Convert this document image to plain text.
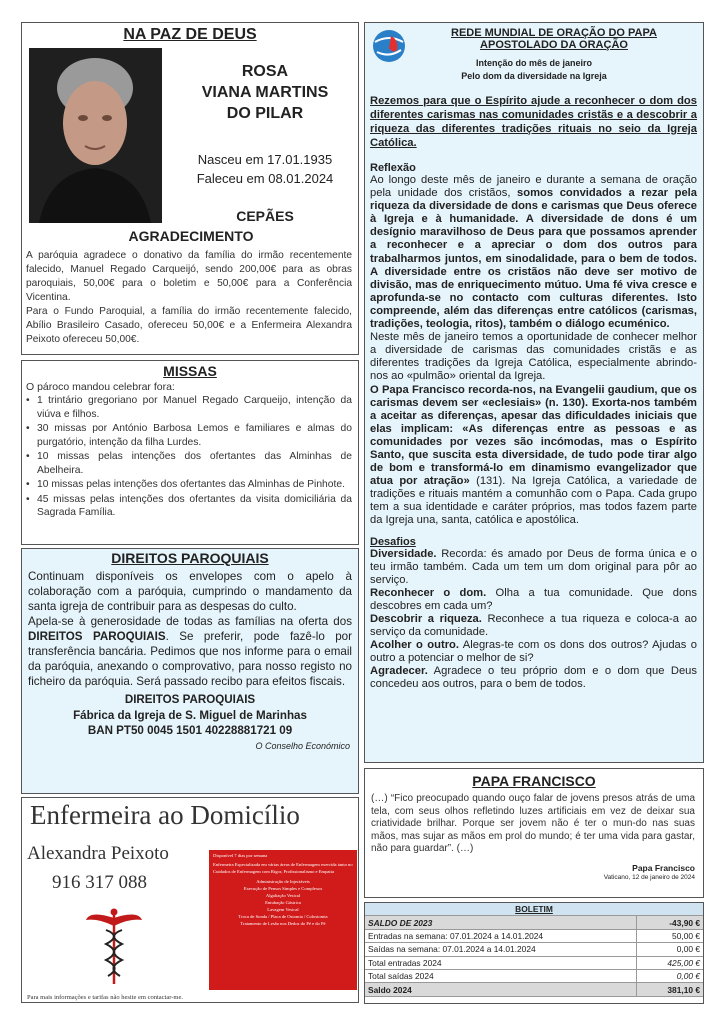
NA PAZ DE DEUS
ROSA
VIANA MARTINS
DO PILAR
Nasceu em 17.01.1935
Faleceu em 08.01.2024
CEPÃES
AGRADECIMENTO

A paróquia agradece o donativo da família do irmão recentemente falecido, Manuel Regado Carqueijó, sendo 200,00€ para as obras paroquiais, 50,00€ para o boletim e 50,00€ para a Conferência Vicentina.

Para o Fundo Paroquial, a família do irmão recentemente falecido, Abílio Brasileiro Casado, ofereceu 50,00€ e a Enfermeira Alexandra Peixoto ofereceu 50,00€.

MISSAS
O pároco mandou celebrar fora:
• 1 trintário gregoriano por Manuel Regado Carqueijo, intenção da viúva e filhos.
• 30 missas por António Barbosa Lemos e familiares e almas do purgatório, intenção da filha Lurdes.
• 10 missas pelas intenções dos ofertantes das Alminhas de Abelheira.
• 10 missas pelas intenções dos ofertantes das Alminhas de Pinhote.
• 45 missas pelas intenções dos ofertantes da visita domiciliária da Sagrada Família.
DIREITOS PAROQUIAIS

Continuam disponíveis os envelopes com o apelo à colaboração com a paróquia, cumprindo o mandamento da santa igreja de contribuir para as despesas do culto.

Apela-se à generosidade de todas as famílias na oferta dos DIREITOS PAROQUIAIS. Se preferir, pode fazê-lo por transferência bancária. Pedimos que nos informe para o email da paróquia, anexando o comprovativo, para nosso registo no ficheiro da paróquia. Será passado recibo para efeitos fiscais.

DIREITOS PAROQUIAIS
Fábrica da Igreja de S. Miguel de Marinhas
BAN PT50 0045 1501 40228881721 09
O Conselho Económico
Enfermeira ao Domicílio
Alexandra Peixoto
916 317 088
Disponível 7 dias por semana
Enfermeira Especializada em várias áreas de Enfermagem exercida tanto no Cuidados de Enfermagem com Rigor, Profissionalismo e Empatia
Administração de Injectáveis
Execução de Pensos Simples e Complexos
Algaliação Vesical
Entubação Gástrica
Lavagem Vesical
Troca de Sonda / Placa de Ostomia / Colostomia
Tratamento de Lesão nos Dedos do Pé e do Pé
Para mais informações e tarifas não hesite em contactar-me.
REDE MUNDIAL DE ORAÇÃO DO PAPA
APOSTOLADO DA ORAÇÃO
Intenção do mês de janeiro
Pelo dom da diversidade na Igreja
Rezemos para que o Espírito ajude a reconhecer o dom dos diferentes carismas nas comunidades cristãs e a descobrir a riqueza das diferentes tradições rituais no seio da Igreja Católica.
Reflexão

Ao longo deste mês de janeiro e durante a semana de oração pela unidade dos cristãos, somos convidados a rezar pela riqueza da diversidade de dons e carismas que Deus oferece à Igreja e à humanidade. A diversidade de dons é um desígnio maravilhoso de Deus para que possamos aprender a reconhecer e a apreciar o dom dos outros para trabalharmos juntos, em sinodalidade, para o bem de todos. A diversidade entre os cristãos não deve ser motivo de divisão, mas de enriquecimento mútuo. Uma fé viva cresce e aprofunda-se no contacto com culturas diferentes. Isto compreende, além das diferenças entre católicos (carismas, tradições, teologia, ritos), também o diálogo ecuménico.

Neste mês de janeiro temos a oportunidade de conhecer melhor a diversidade de carismas das comunidades cristãs e as diferentes tradições da Igreja Católica, especialmente abrindo-nos ao «pulmão» oriental da Igreja.

O Papa Francisco recorda-nos, na Evangelii gaudium, que os carismas devem ser «eclesiais» (n. 130). Exorta-nos também a aceitar as diferenças, apesar das dificuldades iniciais que elas implicam: «As diferenças entre as pessoas e as comunidades por vezes são incómodas, mas o Espírito Santo, que suscita esta diversidade, de tudo pode tirar algo de bom e transformá-lo em dinamismo evangelizador que atua por atração» (131). Na Igreja Católica, a variedade de tradições e rituais mantém a comunhão com o Papa. Cada grupo tem a sua identidade e caráter próprios, mas todos fazem parte da Igreja una, santa, católica e apostólica.

Desafios

Diversidade. Recorda: és amado por Deus de forma única e o teu irmão também. Cada um tem um dom original para pôr ao serviço.

Reconhecer o dom. Olha a tua comunidade. Que dons descobres em cada um?

Descobrir a riqueza. Reconhece a tua riqueza e coloca-a ao serviço da comunidade.

Acolher o outro. Alegras-te com os dons dos outros? Ajudas o outro a potenciar o melhor de si?

Agradecer. Agradece o teu próprio dom e o dom que Deus concedeu aos outros, para o bem de todos.

PAPA FRANCISCO
(…) “Fico preocupado quando ouço falar de jovens presos atrás de uma tela, com seus olhos refletindo luzes artificiais em vez de deixar sua criatividade brilhar. Porque ser jovem não é ter o mun-do nas suas mãos, mas sujar as mãos em prol do mundo; é ter uma vida para gastar, não para guardar”. (…)
Papa Francisco
Vaticano, 12 de janeiro de 2024
BOLETIM	
SALDO DE 2023	-43,90 €
Entradas na semana: 07.01.2024 a 14.01.2024	50,00 €
Saídas na semana: 07.01.2024 a 14.01.2024	0,00 €
Total entradas 2024	425,00 €
Total saídas 2024	0,00 €
Saldo 2024	381,10 €
